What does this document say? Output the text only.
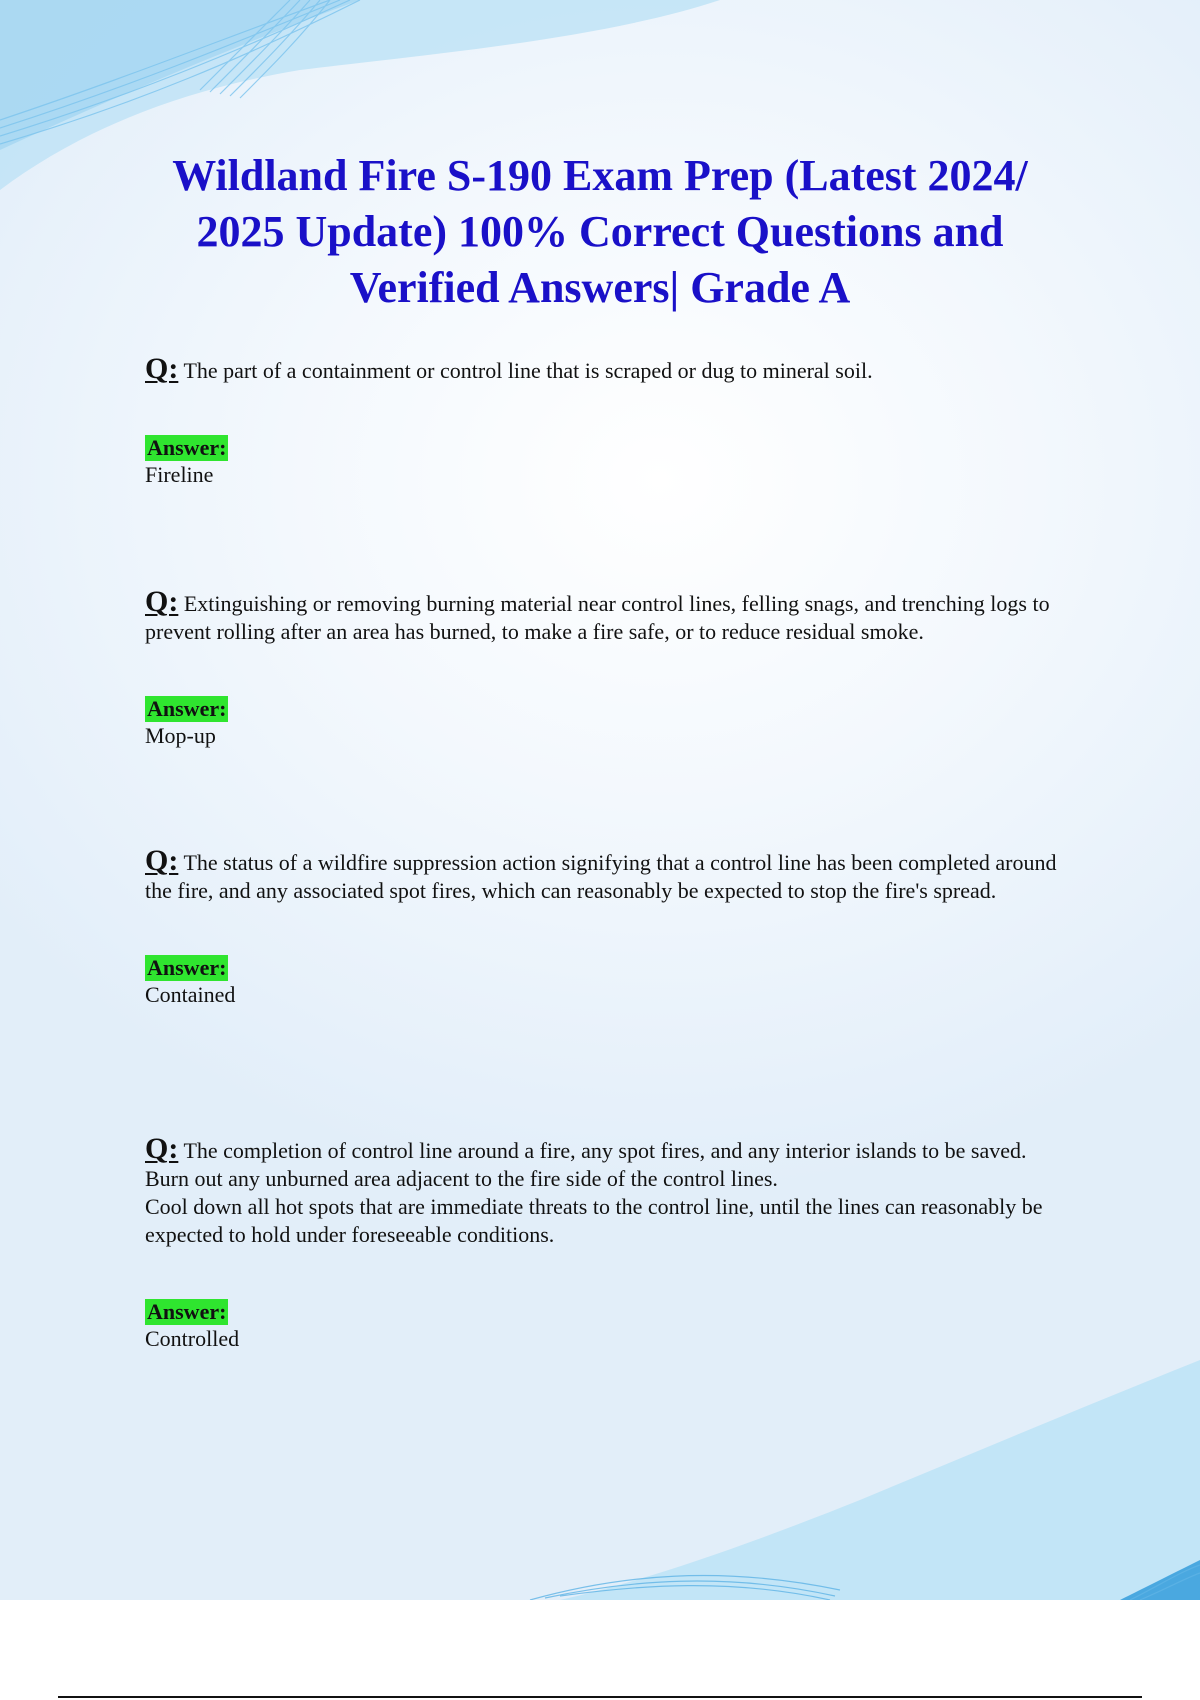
Wildland Fire S-190 Exam Prep (Latest 2024/ 2025 Update) 100% Correct Questions and Verified Answers| Grade A

Q: The part of a containment or control line that is scraped or dug to mineral soil.

Answer:

Fireline

Q: Extinguishing or removing burning material near control lines, felling snags, and trenching logs to prevent rolling after an area has burned, to make a fire safe, or to reduce residual smoke.

Answer:

Mop-up

Q: The status of a wildfire suppression action signifying that a control line has been completed around the fire, and any associated spot fires, which can reasonably be expected to stop the fire's spread.

Answer:

Contained

Q: The completion of control line around a fire, any spot fires, and any interior islands to be saved.
Burn out any unburned area adjacent to the fire side of the control lines.
Cool down all hot spots that are immediate threats to the control line, until the lines can reasonably be expected to hold under foreseeable conditions.

Answer:

Controlled
